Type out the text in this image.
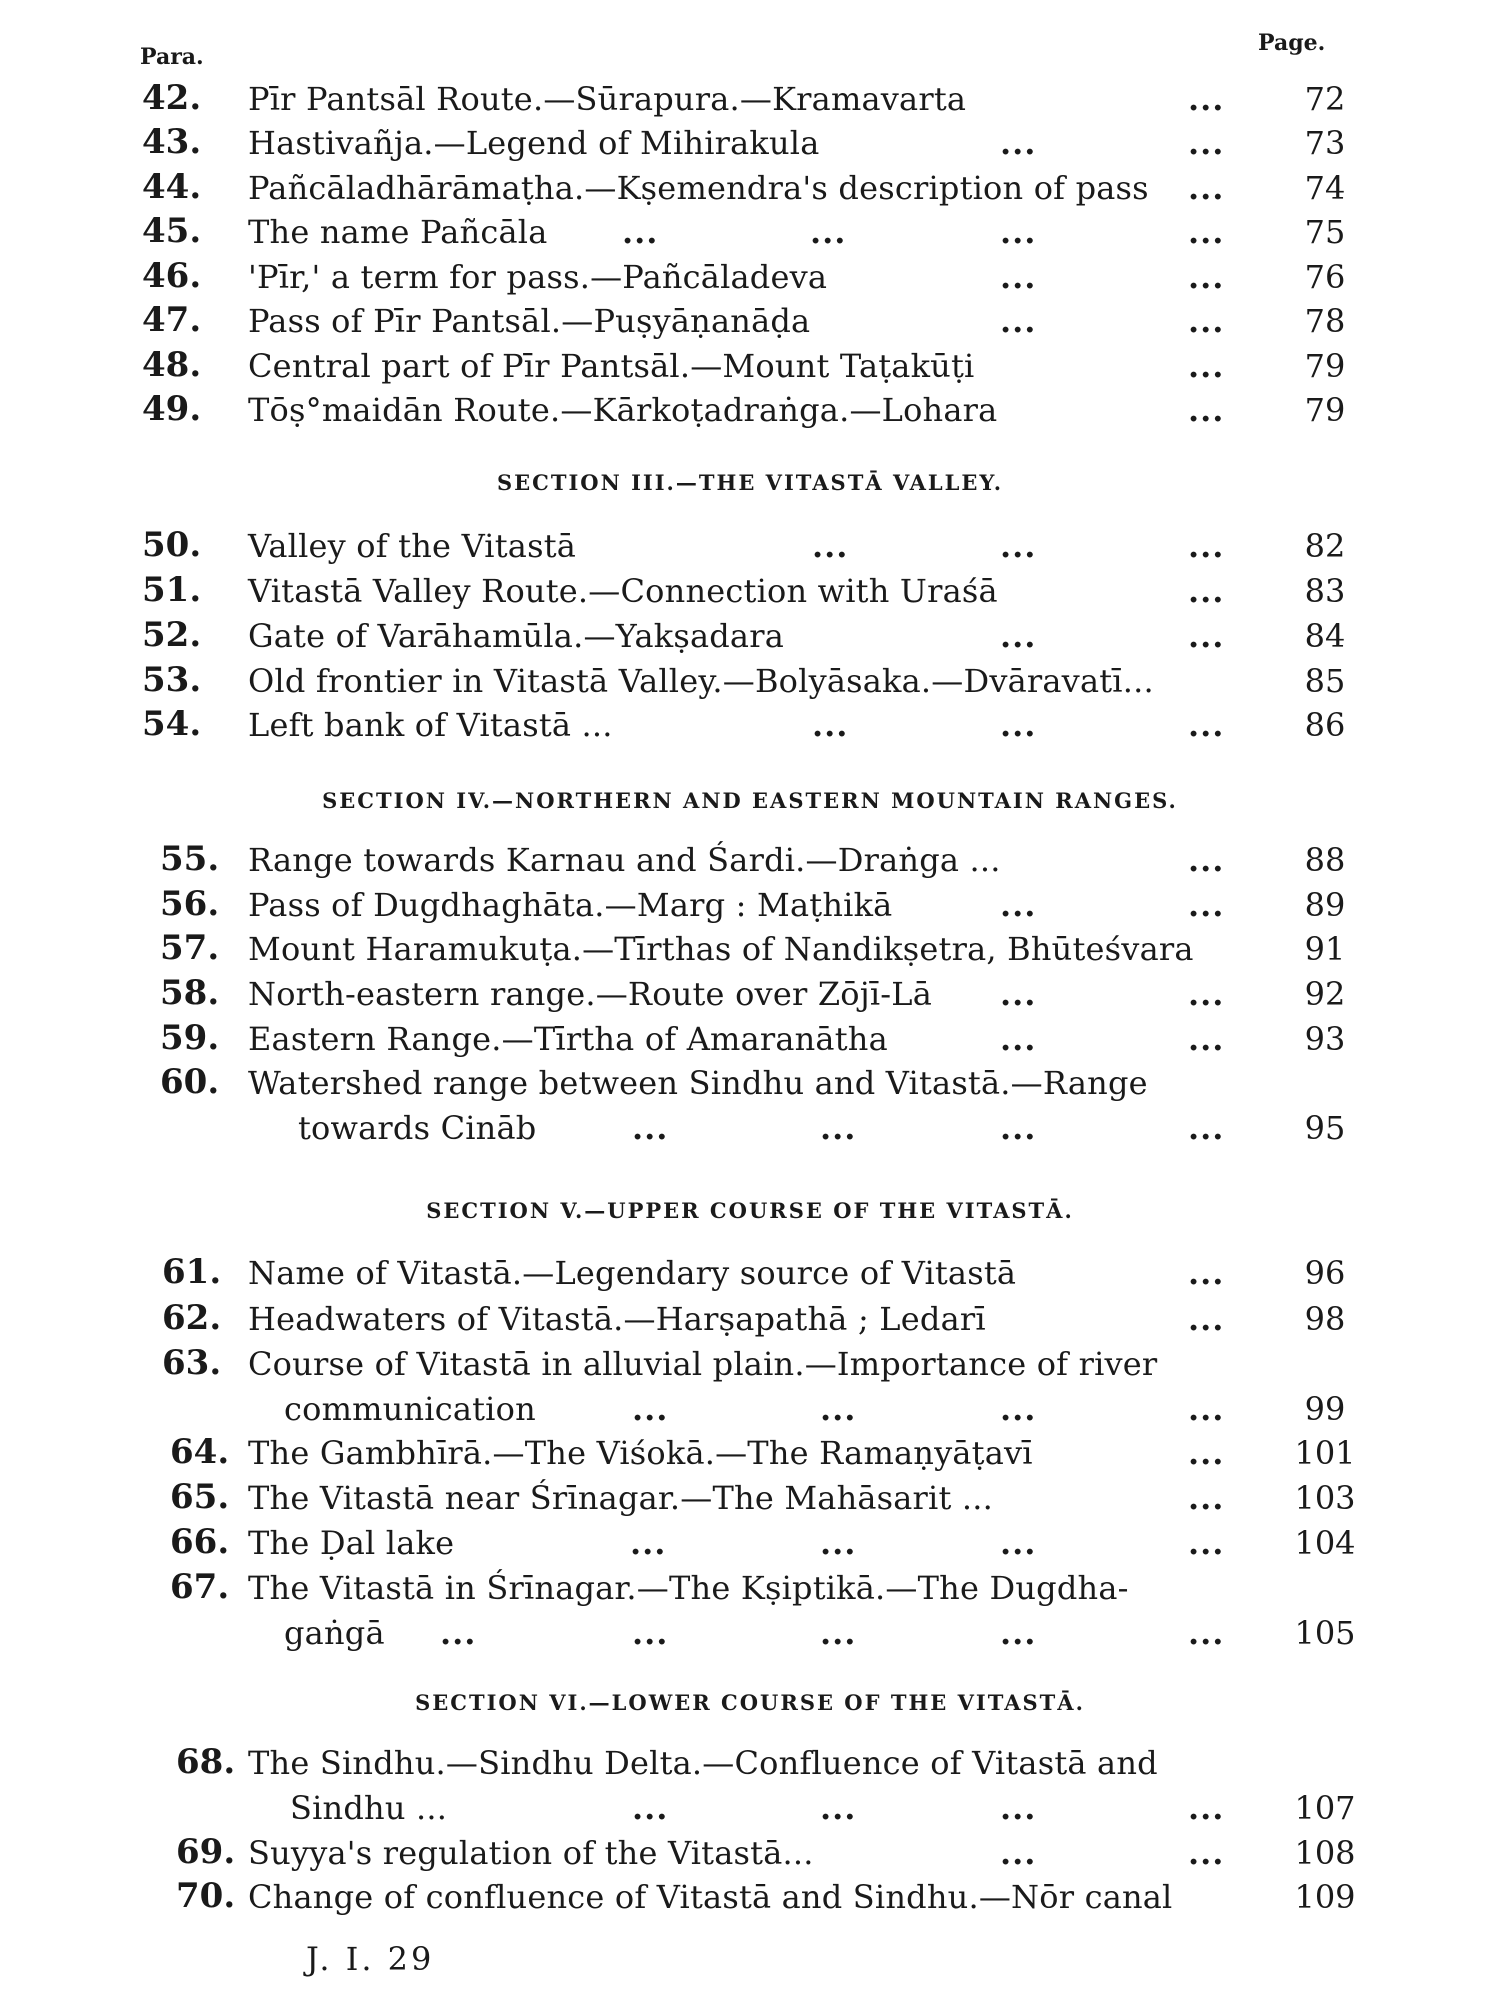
Para.
Page.
42. Pīr Pantsāl Route.—Sūrapura.—Kramavarta	...	72
43. Hastivañja.—Legend of Mihirakula	...	...	73
44. Pañcāladhārāmaṭha.—Kṣemendra's description of pass ...	74
45. The name Pañcāla ...	...	...	...	75
46. 'Pīr,' a term for pass.—Pañcāladeva	...	...	76
47. Pass of Pīr Pantsāl.—Puṣyāṇanāḍa	...	...	78
48. Central part of Pīr Pantsāl.—Mount Taṭakūṭi	...	79
49. Tōṣ°maidān Route.—Kārkoṭadraṅga.—Lohara	...	79
SECTION III.—THE VITASTĀ VALLEY.
50. Valley of the Vitastā	...	...	...	82
51. Vitastā Valley Route.—Connection with Uraśā	...	83
52. Gate of Varāhamūla.—Yakṣadara	...	...	84
53. Old frontier in Vitastā Valley.—Bolyāsaka.—Dvāravatī...	85
54. Left bank of Vitastā ...	...	...	...	86
SECTION IV.—NORTHERN AND EASTERN MOUNTAIN RANGES.
55. Range towards Karnau and Śardi.—Draṅga ...	...	88
56. Pass of Dugdhaghāta.—Marg : Maṭhikā	...	...	89
57. Mount Haramukuṭa.—Tīrthas of Nandikṣetra, Bhūteśvara	91
58. North-eastern range.—Route over Zōjī-Lā ...	...	92
59. Eastern Range.—Tīrtha of Amaranātha	...	...	93
60. Watershed range between Sindhu and Vitastā.—Range
towards Cināb	...	...	...	...	95
SECTION V.—UPPER COURSE OF THE VITASTĀ.
61. Name of Vitastā.—Legendary source of Vitastā	...	96
62. Headwaters of Vitastā.—Harṣapathā ; Ledarī	...	98
63. Course of Vitastā in alluvial plain.—Importance of river
communication	...	...	...	...	99
64. The Gambhīrā.—The Viśokā.—The Ramaṇyāṭavī	...	101
65. The Vitastā near Śrīnagar.—The Mahāsarit ...	...	103
66. The Ḍal lake	...	...	...	...	104
67. The Vitastā in Śrīnagar.—The Kṣiptikā.—The Dugdha-
gaṅgā ...	...	...	...	...	105
SECTION VI.—LOWER COURSE OF THE VITASTĀ.
68. The Sindhu.—Sindhu Delta.—Confluence of Vitastā and
Sindhu ...	...	...	...	...	107
69. Suyya's regulation of the Vitastā...	...	...	108
70. Change of confluence of Vitastā and Sindhu.—Nōr canal	109
J. I. 29
